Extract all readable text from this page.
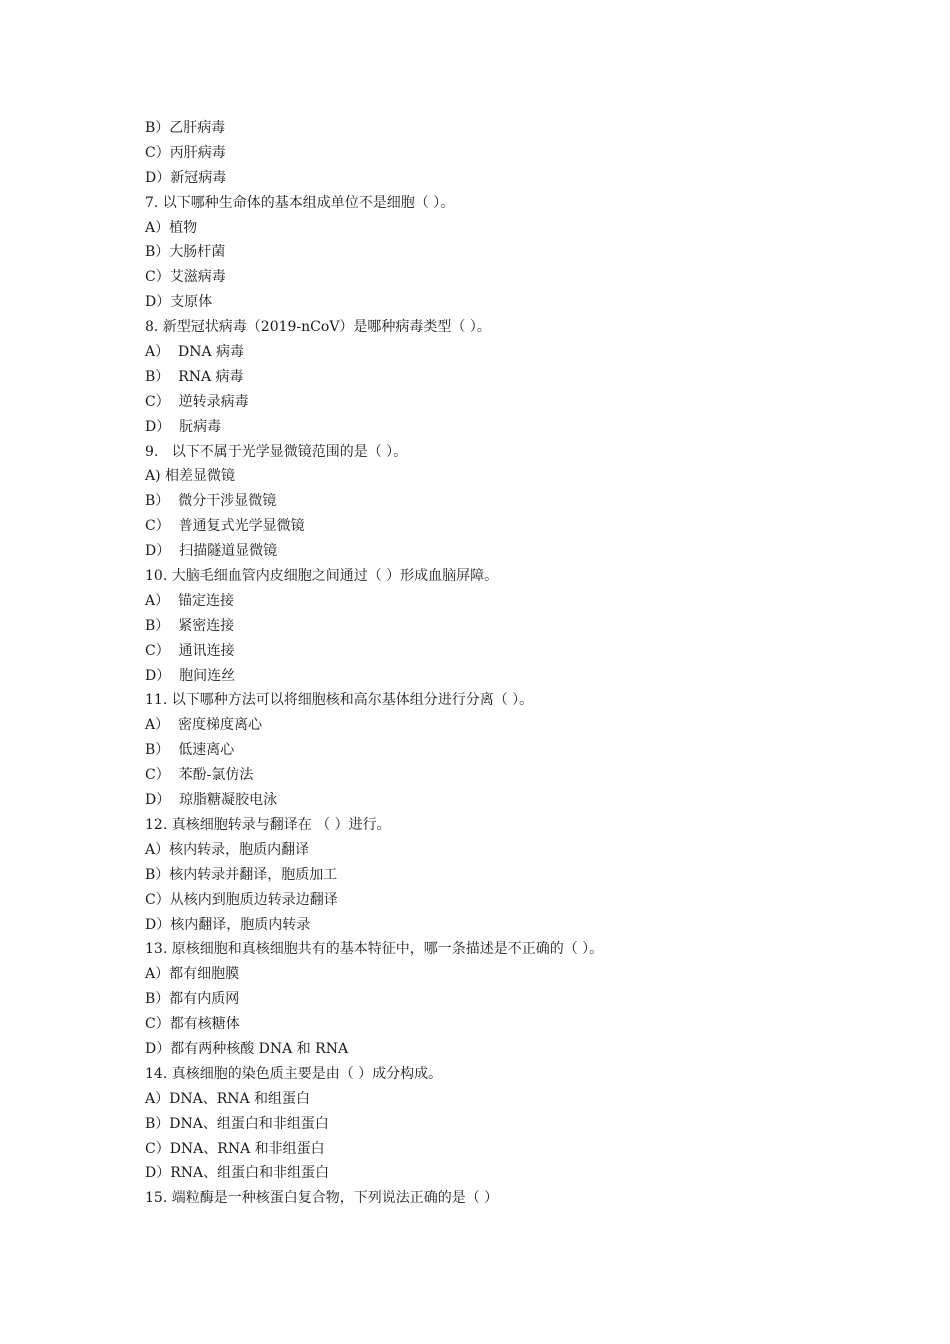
B）乙肝病毒

C）丙肝病毒

D）新冠病毒

7. 以下哪种生命体的基本组成单位不是细胞（ ）。

A）植物

B）大肠杆菌

C）艾滋病毒

D）支原体

8. 新型冠状病毒（2019-nCoV）是哪种病毒类型（ ）。

A）  DNA 病毒

B）  RNA 病毒

C）  逆转录病毒

D）  朊病毒

9.   以下不属于光学显微镜范围的是（ ）。

A) 相差显微镜

B）  微分干涉显微镜

C）  普通复式光学显微镜

D）  扫描隧道显微镜

10. 大脑毛细血管内皮细胞之间通过（ ）形成血脑屏障。

A）  锚定连接

B）  紧密连接

C）  通讯连接

D）  胞间连丝

11. 以下哪种方法可以将细胞核和高尔基体组分进行分离（ ）。

A）  密度梯度离心

B）  低速离心

C）  苯酚-氯仿法

D）  琼脂糖凝胶电泳

12. 真核细胞转录与翻译在 （ ）进行。

A）核内转录，胞质内翻译

B）核内转录并翻译，胞质加工

C）从核内到胞质边转录边翻译

D）核内翻译，胞质内转录

13. 原核细胞和真核细胞共有的基本特征中，哪一条描述是不正确的（ ）。

A）都有细胞膜

B）都有内质网

C）都有核糖体

D）都有两种核酸 DNA 和 RNA

14. 真核细胞的染色质主要是由（ ）成分构成。

A）DNA、RNA 和组蛋白

B）DNA、组蛋白和非组蛋白

C）DNA、RNA 和非组蛋白

D）RNA、组蛋白和非组蛋白

15. 端粒酶是一种核蛋白复合物，下列说法正确的是（ ）
